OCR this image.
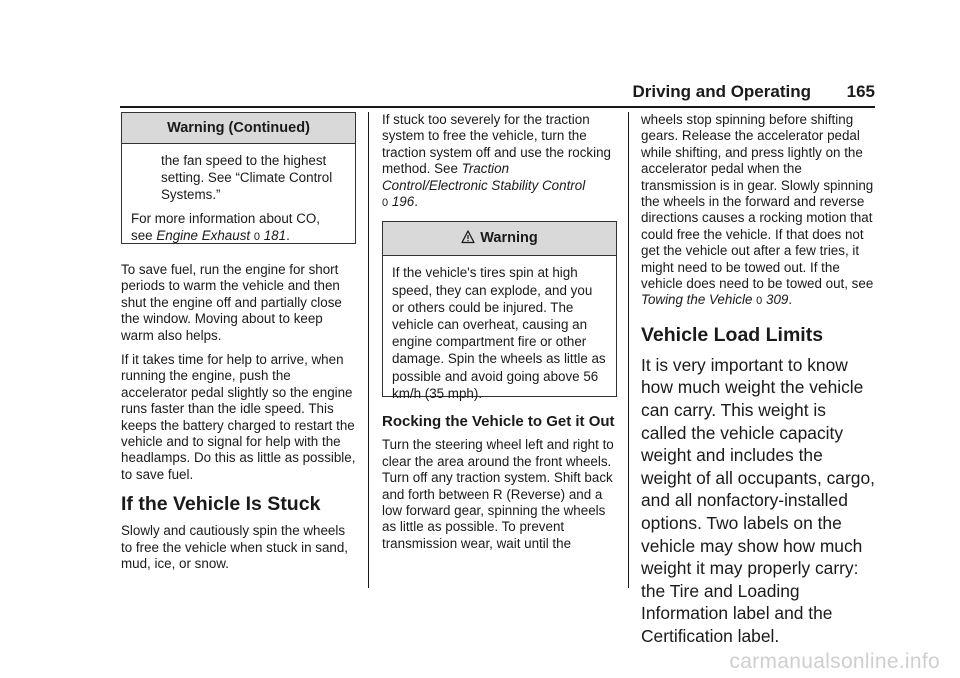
Driving and Operating 165
Warning (Continued)

the fan speed to the highest setting. See “Climate Control Systems.”

For more information about CO,
see Engine Exhaust 0 181.

To save fuel, run the engine for short periods to warm the vehicle and then shut the engine off and partially close the window. Moving about to keep warm also helps.

If it takes time for help to arrive, when running the engine, push the accelerator pedal slightly so the engine runs faster than the idle speed. This keeps the battery charged to restart the vehicle and to signal for help with the headlamps. Do this as little as possible, to save fuel.

If the Vehicle Is Stuck

Slowly and cautiously spin the wheels to free the vehicle when stuck in sand, mud, ice, or snow.

If stuck too severely for the traction system to free the vehicle, turn the traction system off and use the rocking method. See Traction Control/Electronic Stability Control
0 196.

Warning
If the vehicle's tires spin at high speed, they can explode, and you or others could be injured. The vehicle can overheat, causing an engine compartment fire or other damage. Spin the wheels as little as possible and avoid going above 56 km/h (35 mph).
Rocking the Vehicle to Get it Out

Turn the steering wheel left and right to clear the area around the front wheels. Turn off any traction system. Shift back and forth between R (Reverse) and a low forward gear, spinning the wheels as little as possible. To prevent transmission wear, wait until the

wheels stop spinning before shifting gears. Release the accelerator pedal while shifting, and press lightly on the accelerator pedal when the transmission is in gear. Slowly spinning the wheels in the forward and reverse directions causes a rocking motion that could free the vehicle. If that does not get the vehicle out after a few tries, it might need to be towed out. If the vehicle does need to be towed out, see Towing the Vehicle 0 309.

Vehicle Load Limits

It is very important to know how much weight the vehicle can carry. This weight is called the vehicle capacity weight and includes the weight of all occupants, cargo, and all nonfactory-installed options. Two labels on the vehicle may show how much weight it may properly carry: the Tire and Loading Information label and the Certification label.

carmanualsonline.info
